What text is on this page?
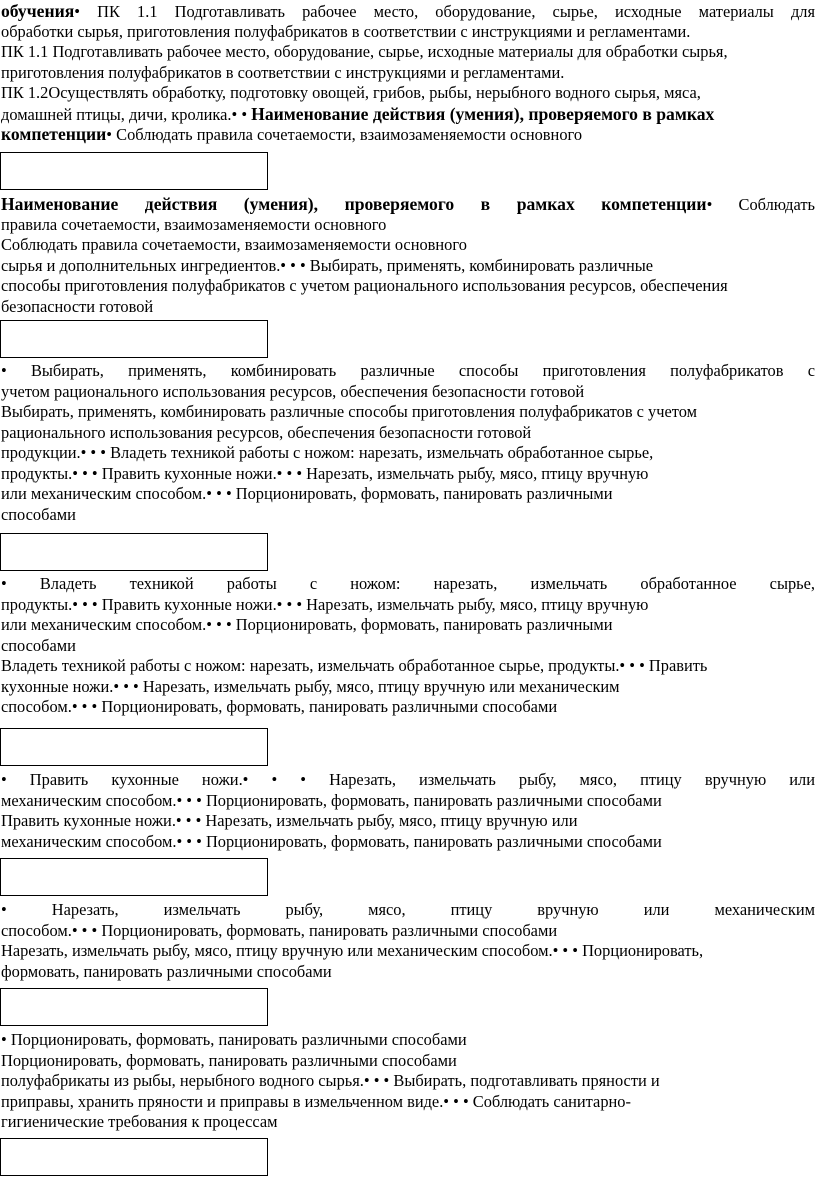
обучения• ПК 1.1 Подготавливать рабочее место, оборудование, сырье, исходные материалы для
обработки сырья, приготовления полуфабрикатов в соответствии с инструкциями и регламентами.
ПК 1.1 Подготавливать рабочее место, оборудование, сырье, исходные материалы для обработки сырья,
приготовления полуфабрикатов в соответствии с инструкциями и регламентами.
ПК 1.2Осуществлять обработку, подготовку овощей, грибов, рыбы, нерыбного водного сырья, мяса,
домашней птицы, дичи, кролика.• • Наименование действия (умения), проверяемого в рамках
компетенции• Соблюдать правила сочетаемости, взаимозаменяемости основного
Наименование действия (умения), проверяемого в рамках компетенции• Соблюдать
правила сочетаемости, взаимозаменяемости основного
Соблюдать правила сочетаемости, взаимозаменяемости основного
сырья и дополнительных ингредиентов.• • • Выбирать, применять, комбинировать различные
способы приготовления полуфабрикатов с учетом рационального использования ресурсов, обеспечения
безопасности готовой
• Выбирать, применять, комбинировать различные способы приготовления полуфабрикатов с
учетом рационального использования ресурсов, обеспечения безопасности готовой
Выбирать, применять, комбинировать различные способы приготовления полуфабрикатов с учетом
рационального использования ресурсов, обеспечения безопасности готовой
продукции.• • • Владеть техникой работы с ножом: нарезать, измельчать обработанное сырье,
продукты.• • • Править кухонные ножи.• • • Нарезать, измельчать рыбу, мясо, птицу вручную
или механическим способом.• • • Порционировать, формовать, панировать различными
способами
• Владеть техникой работы с ножом: нарезать, измельчать обработанное сырье,
продукты.• • • Править кухонные ножи.• • • Нарезать, измельчать рыбу, мясо, птицу вручную
или механическим способом.• • • Порционировать, формовать, панировать различными
способами
Владеть техникой работы с ножом: нарезать, измельчать обработанное сырье, продукты.• • • Править
кухонные ножи.• • • Нарезать, измельчать рыбу, мясо, птицу вручную или механическим
способом.• • • Порционировать, формовать, панировать различными способами
• Править кухонные ножи.• • • Нарезать, измельчать рыбу, мясо, птицу вручную или
механическим способом.• • • Порционировать, формовать, панировать различными способами
Править кухонные ножи.• • • Нарезать, измельчать рыбу, мясо, птицу вручную или
механическим способом.• • • Порционировать, формовать, панировать различными способами
• Нарезать, измельчать рыбу, мясо, птицу вручную или механическим
способом.• • • Порционировать, формовать, панировать различными способами
Нарезать, измельчать рыбу, мясо, птицу вручную или механическим способом.• • • Порционировать,
формовать, панировать различными способами
• Порционировать, формовать, панировать различными способами
Порционировать, формовать, панировать различными способами
полуфабрикаты из рыбы, нерыбного водного сырья.• • • Выбирать, подготавливать пряности и
приправы, хранить пряности и приправы в измельченном виде.• • • Соблюдать санитарно-
гигиенические требования к процессам
